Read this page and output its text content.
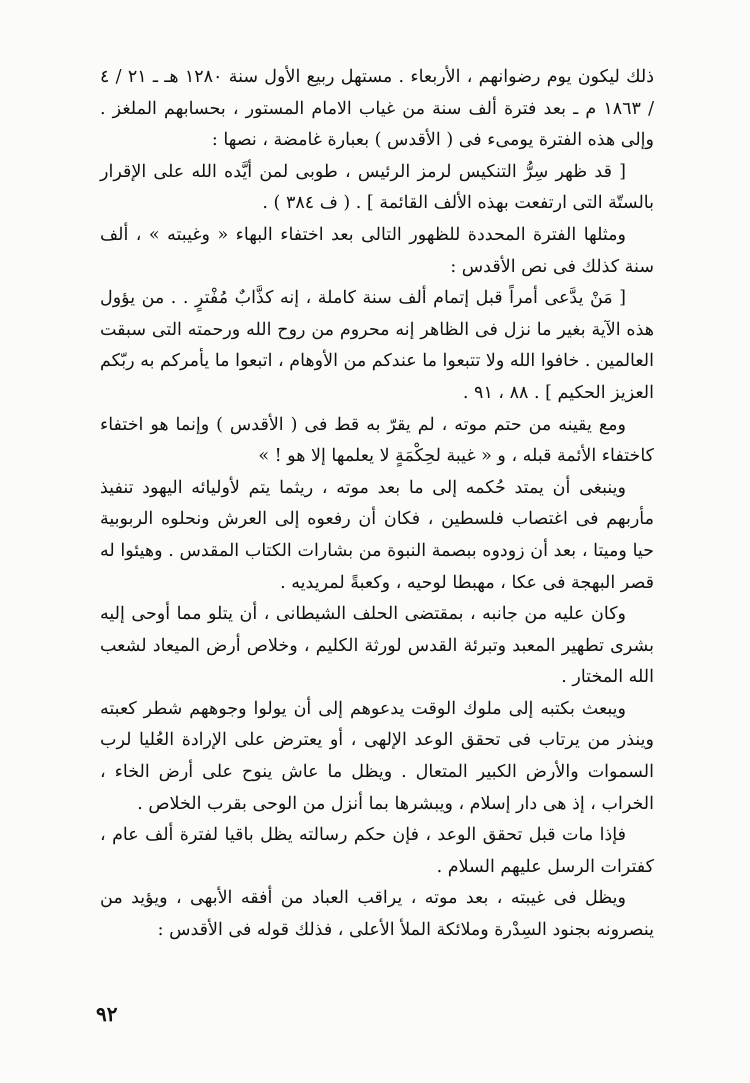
ذلك ليكون يوم رضوانهم ، الأربعاء . مستهل ربيع الأول سنة ١٢٨٠ هـ ـ ٢١ / ٤ / ١٨٦٣ م ـ بعد فترة ألف سنة من غياب الامام المستور ، بحسابهم الملغز . وإلى هذه الفترة يومىء فى ( الأقدس ) بعبارة غامضة ، نصها :

[ قد ظهر سِرُّ التنكيس لرمز الرئيس ، طوبى لمن أيَّده الله على الإقرار بالستّة التى ارتفعت بهذه الألف القائمة ] . ( ف ٣٨٤ ) .

ومثلها الفترة المحددة للظهور التالى بعد اختفاء البهاء « وغيبته » ، ألف سنة كذلك فى نص الأقدس :

[ مَنْ يدَّعى أمراً قبل إتمام ألف سنة كاملة ، إنه كذَّابٌ مُفْترٍ . . من يؤول هذه الآية بغير ما نزل فى الظاهر إنه محروم من روح الله ورحمته التى سبقت العالمين . خافوا الله ولا تتبعوا ما عندكم من الأوهام ، اتبعوا ما يأمركم به ربّكم العزيز الحكيم ] . ٨٨ ، ٩١ .

ومع يقينه من حتم موته ، لم يقرّ به قط فى ( الأقدس ) وإنما هو اختفاء كاختفاء الأئمة قبله ، و « غيبة لحِكْمَةٍ لا يعلمها إلا هو ! »

وينبغى أن يمتد حُكمه إلى ما بعد موته ، ريثما يتم لأوليائه اليهود تنفيذ مأربهم فى اغتصاب فلسطين ، فكان أن رفعوه إلى العرش ونحلوه الربوبية حيا وميتا ، بعد أن زودوه ببصمة النبوة من بشارات الكتاب المقدس . وهيئوا له قصر البهجة فى عكا ، مهبطا لوحيه ، وكعبةً لمريديه .

وكان عليه من جانبه ، بمقتضى الحلف الشيطانى ، أن يتلو مما أوحى إليه بشرى تطهير المعبد وتبرئة القدس لورثة الكليم ، وخلاص أرض الميعاد لشعب الله المختار .

ويبعث بكتبه إلى ملوك الوقت يدعوهم إلى أن يولوا وجوههم شطر كعبته وينذر من يرتاب فى تحقق الوعد الإلهى ، أو يعترض على الإرادة العُليا لرب السموات والأرض الكبير المتعال . ويظل ما عاش ينوح على أرض الخاء ، الخراب ، إذ هى دار إسلام ، ويبشرها بما أنزل من الوحى بقرب الخلاص .

فإذا مات قبل تحقق الوعد ، فإن حكم رسالته يظل باقيا لفترة ألف عام ، كفترات الرسل عليهم السلام .

ويظل فى غيبته ، بعد موته ، يراقب العباد من أفقه الأبهى ، ويؤيد من ينصرونه بجنود السِدْرة وملائكة الملأ الأعلى ، فذلك قوله فى الأقدس :

٩٢
